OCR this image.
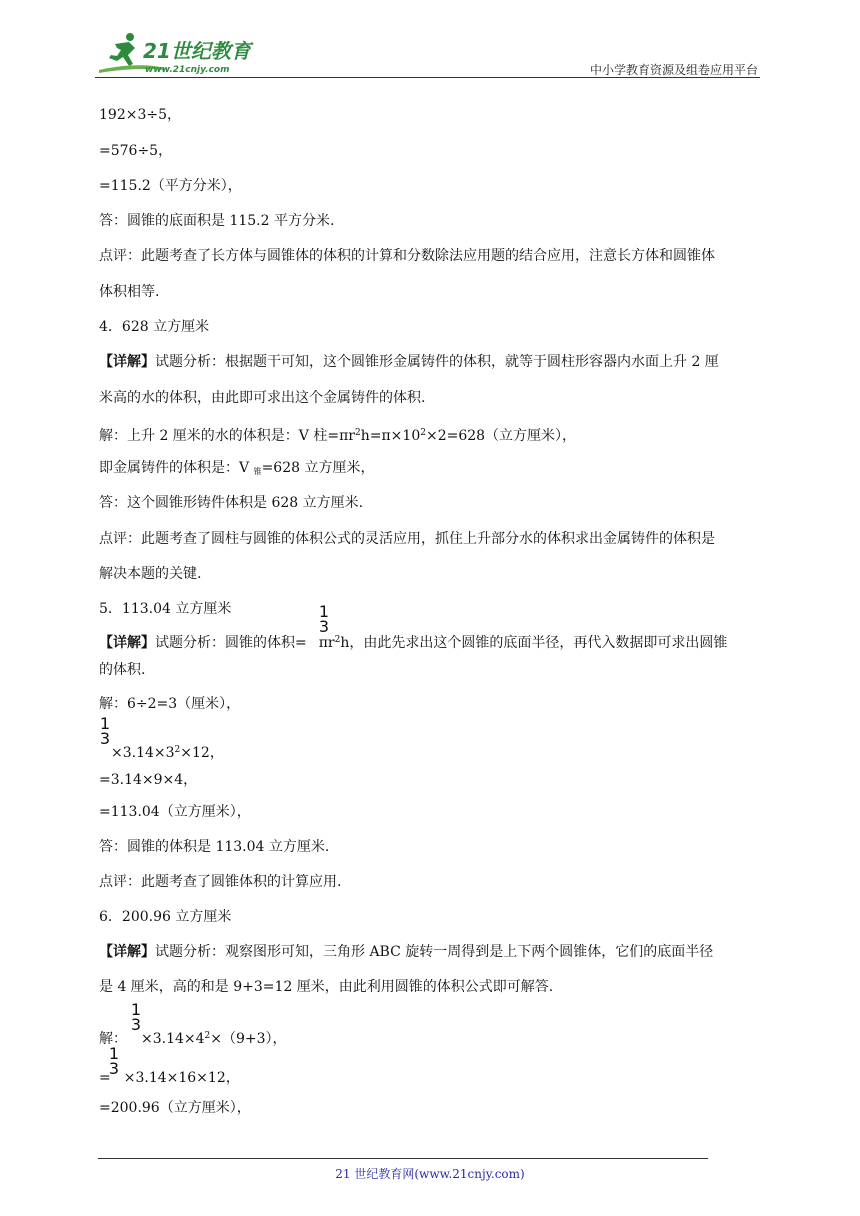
21世纪教育
www.21cnjy.com	中小学教育资源及组卷应用平台
192×3÷5，
=576÷5，
=115.2（平方分米），
答：圆锥的底面积是 115.2 平方分米.
点评：此题考查了长方体与圆锥体的体积的计算和分数除法应用题的结合应用，注意长方体和圆锥体
体积相等.
4．628 立方厘米
【详解】试题分析：根据题干可知，这个圆锥形金属铸件的体积，就等于圆柱形容器内水面上升 2 厘
米高的水的体积，由此即可求出这个金属铸件的体积.
解：上升 2 厘米的水的体积是：V 柱$=\pi r^2h=\pi\times 10^2\times 2=628$（立方厘米），
即金属铸件的体积是：V $_锥$=628 立方厘米，
答：这个圆锥形铸件体积是 628 立方厘米.
点评：此题考查了圆柱与圆锥的体积公式的灵活应用，抓住上升部分水的体积求出金属铸件的体积是
解决本题的关键.
5．113.04 立方厘米	1
3
【详解】试题分析：圆锥的体积= $\pi r^2h$，由此先求出这个圆锥的底面半径，再代入数据即可求出圆锥
的体积.
解：6÷2=3（厘米），
1
3
$\times 3.14\times 3^2\times 12$，
=3.14×9×4，
=113.04（立方厘米），
答：圆锥的体积是 113.04 立方厘米.
点评：此题考查了圆锥体积的计算应用.
6．200.96 立方厘米
【详解】试题分析：观察图形可知，三角形 ABC 旋转一周得到是上下两个圆锥体，它们的底面半径
是 4 厘米，高的和是 9+3=12 厘米，由此利用圆锥的体积公式即可解答.
1
3
解： $\times 3.14\times 4^2\times(9+3)$，
1
3
= ×3.14×16×12，
=200.96（立方厘米），
21 世纪教育网(www.21cnjy.com)
